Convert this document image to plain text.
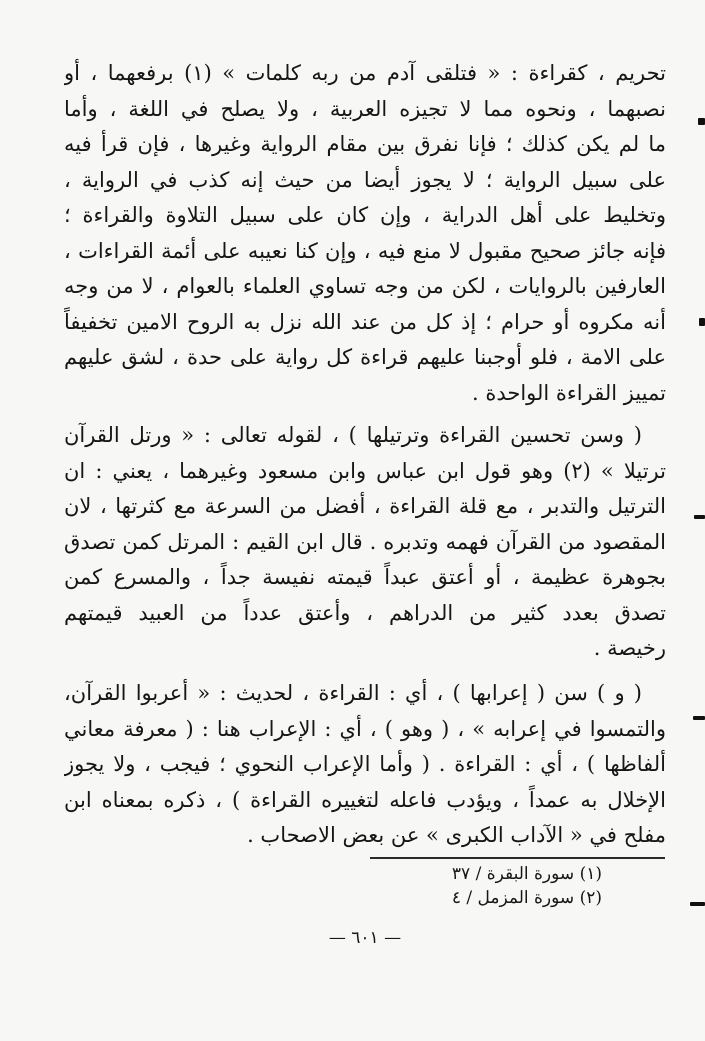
تحريم ، كقراءة : « فتلقى آدم من ربه كلمات » (١) برفعهما ، أو
نصبهما ، ونحوه مما لا تجيزه العربية ، ولا يصلح في اللغة ، وأما
ما لم يكن كذلك ؛ فإنا نفرق بين مقام الرواية وغيرها ، فإن قرأ فيه
على سبيل الرواية ؛ لا يجوز أيضا من حيث إنه كذب في الرواية ،
وتخليط على أهل الدراية ، وإن كان على سبيل التلاوة والقراءة ؛
فإنه جائز صحيح مقبول لا منع فيه ، وإن كنا نعيبه على أئمة القراءات ،
العارفين بالروايات ، لكن من وجه تساوي العلماء بالعوام ، لا من وجه
أنه مكروه أو حرام ؛ إذ كل من عند الله نزل به الروح الامين تخفيفاً
على الامة ، فلو أوجبنا عليهم قراءة كل رواية على حدة ، لشق عليهم
تمييز القراءة الواحدة .
( وسن تحسين القراءة وترتيلها ) ، لقوله تعالى : « ورتل القرآن
ترتيلا » (٢) وهو قول ابن عباس وابن مسعود وغيرهما ، يعني : ان
الترتيل والتدبر ، مع قلة القراءة ، أفضل من السرعة مع كثرتها ، لان
المقصود من القرآن فهمه وتدبره . قال ابن القيم : المرتل كمن تصدق
بجوهرة عظيمة ، أو أعتق عبداً قيمته نفيسة جداً ، والمسرع كمن
تصدق بعدد كثير من الدراهم ، وأعتق عدداً من العبيد قيمتهم
رخيصة .
( و ) سن ( إعرابها ) ، أي : القراءة ، لحديث : « أعربوا القرآن،
والتمسوا في إعرابه » ، ( وهو ) ، أي : الإعراب هنا : ( معرفة معاني
ألفاظها ) ، أي : القراءة . ( وأما الإعراب النحوي ؛ فيجب ، ولا يجوز
الإخلال به عمداً ، ويؤدب فاعله لتغييره القراءة ) ، ذكره بمعناه ابن
مفلح في « الآداب الكبرى » عن بعض الاصحاب .
(١) سورة البقرة / ٣٧
(٢) سورة المزمل / ٤
— ٦٠١ —
